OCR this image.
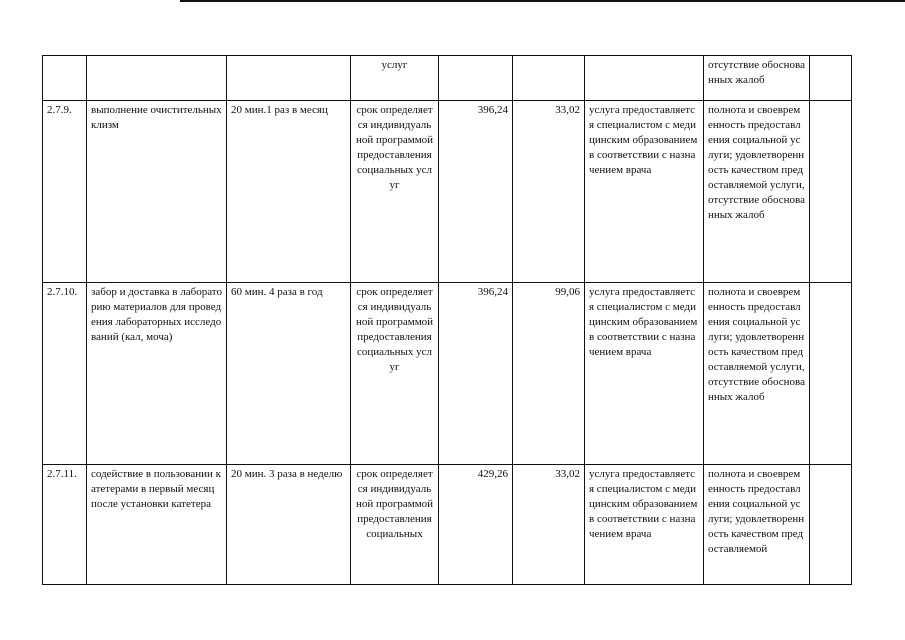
			услуг				отсутствие обоснованных жалоб	
2.7.9.	выполнение очистительных клизм	20 мин.1 раз в месяц	срок определяется индивидуальной программой предоставления социальных услуг	396,24	33,02	услуга предоставляется специалистом с медицинским образованием в соответствии с назначением врача	полнота и своевременность предоставления социальной услуги; удовлетворенность качеством предоставляемой услуги, отсутствие обоснованных жалоб	
2.7.10.	забор и доставка в лабораторию материалов для проведения лабораторных исследований (кал, моча)	60 мин. 4 раза в год	срок определяется индивидуальной программой предоставления социальных услуг	396,24	99,06	услуга предоставляется специалистом с медицинским образованием в соответствии с назначением врача	полнота и своевременность предоставления социальной услуги; удовлетворенность качеством предоставляемой услуги, отсутствие обоснованных жалоб	
2.7.11.	содействие в пользовании катетерами в первый месяц после установки катетера	20 мин. 3 раза в неделю	срок определяется индивидуальной программой предоставления социальных	429,26	33,02	услуга предоставляется специалистом с медицинским образованием в соответствии с назначением врача	полнота и своевременность предоставления социальной услуги; удовлетворенность качеством предоставляемой	
